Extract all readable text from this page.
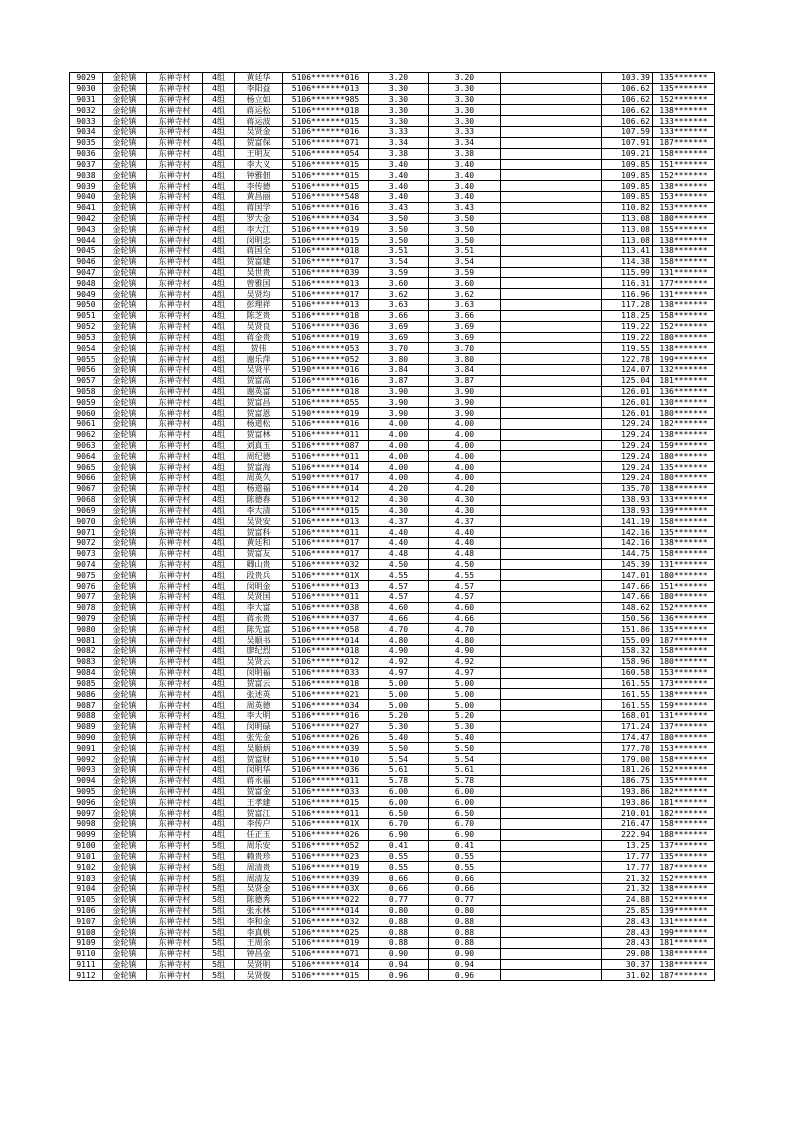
9029	金轮镇	东禅寺村	4组	黄廷华	5106*******016	3.20	3.20		103.39	135*******
9030	金轮镇	东禅寺村	4组	李阳益	5106*******013	3.30	3.30		106.62	135*******
9031	金轮镇	东禅寺村	4组	杨立如	5106*******985	3.30	3.30		106.62	152*******
9032	金轮镇	东禅寺村	4组	蒋运松	5106*******018	3.30	3.30		106.62	138*******
9033	金轮镇	东禅寺村	4组	蒋运波	5106*******015	3.30	3.30		106.62	133*******
9034	金轮镇	东禅寺村	4组	吴贤金	5106*******016	3.33	3.33		107.59	133*******
9035	金轮镇	东禅寺村	4组	贺富保	5106*******071	3.34	3.34		107.91	187*******
9036	金轮镇	东禅寺村	4组	王明友	5106*******054	3.38	3.38		109.21	158*******
9037	金轮镇	东禅寺村	4组	李大义	5106*******015	3.40	3.40		109.85	151*******
9038	金轮镇	东禅寺村	4组	钟雅佃	5106*******015	3.40	3.40		109.85	152*******
9039	金轮镇	东禅寺村	4组	李传德	5106*******015	3.40	3.40		109.85	138*******
9040	金轮镇	东禅寺村	4组	黄昌丽	5106*******548	3.40	3.40		109.85	153*******
9041	金轮镇	东禅寺村	4组	蒋国学	5106*******016	3.43	3.43		110.82	153*******
9042	金轮镇	东禅寺村	4组	罗大金	5106*******034	3.50	3.50		113.08	180*******
9043	金轮镇	东禅寺村	4组	李大江	5106*******019	3.50	3.50		113.08	155*******
9044	金轮镇	东禅寺村	4组	闵明忠	5106*******015	3.50	3.50		113.08	138*******
9045	金轮镇	东禅寺村	4组	蒋国全	5106*******018	3.51	3.51		113.41	138*******
9046	金轮镇	东禅寺村	4组	贺富建	5106*******017	3.54	3.54		114.38	158*******
9047	金轮镇	东禅寺村	4组	吴世贵	5106*******039	3.59	3.59		115.99	131*******
9048	金轮镇	东禅寺村	4组	曾雅国	5106*******013	3.60	3.60		116.31	177*******
9049	金轮镇	东禅寺村	4组	吴贤均	5106*******017	3.62	3.62		116.96	131*******
9050	金轮镇	东禅寺村	4组	彭理祥	5106*******013	3.63	3.63		117.28	138*******
9051	金轮镇	东禅寺村	4组	陈芝贵	5106*******018	3.66	3.66		118.25	158*******
9052	金轮镇	东禅寺村	4组	吴贤良	5106*******036	3.69	3.69		119.22	152*******
9053	金轮镇	东禅寺村	4组	蒋金贵	5106*******019	3.69	3.69		119.22	180*******
9054	金轮镇	东禅寺村	4组	贺伟	5106*******053	3.70	3.70		119.55	138*******
9055	金轮镇	东禅寺村	4组	谢乐萍	5106*******052	3.80	3.80		122.78	199*******
9056	金轮镇	东禅寺村	4组	吴贤平	5190*******016	3.84	3.84		124.07	132*******
9057	金轮镇	东禅寺村	4组	贺富高	5106*******016	3.87	3.87		125.04	181*******
9058	金轮镇	东禅寺村	4组	谢英富	5106*******018	3.90	3.90		126.01	136*******
9059	金轮镇	东禅寺村	4组	贺富昌	5106*******055	3.90	3.90		126.01	130*******
9060	金轮镇	东禅寺村	4组	贺富恩	5190*******019	3.90	3.90		126.01	180*******
9061	金轮镇	东禅寺村	4组	杨道松	5106*******016	4.00	4.00		129.24	182*******
9062	金轮镇	东禅寺村	4组	贺富林	5106*******011	4.00	4.00		129.24	138*******
9063	金轮镇	东禅寺村	4组	刘真玉	5106*******087	4.00	4.00		129.24	159*******
9064	金轮镇	东禅寺村	4组	周纪德	5106*******011	4.00	4.00		129.24	180*******
9065	金轮镇	东禅寺村	4组	贺富海	5106*******014	4.00	4.00		129.24	135*******
9066	金轮镇	东禅寺村	4组	周英久	5190*******017	4.00	4.00		129.24	180*******
9067	金轮镇	东禅寺村	4组	杨道福	5106*******014	4.20	4.20		135.70	138*******
9068	金轮镇	东禅寺村	4组	陈德春	5106*******012	4.30	4.30		138.93	133*******
9069	金轮镇	东禅寺村	4组	李大清	5106*******015	4.30	4.30		138.93	139*******
9070	金轮镇	东禅寺村	4组	吴贤安	5106*******013	4.37	4.37		141.19	158*******
9071	金轮镇	东禅寺村	4组	贺富科	5106*******011	4.40	4.40		142.16	135*******
9072	金轮镇	东禅寺村	4组	黄廷和	5106*******017	4.40	4.40		142.16	138*******
9073	金轮镇	东禅寺村	4组	贺富友	5106*******017	4.48	4.48		144.75	158*******
9074	金轮镇	东禅寺村	4组	卿山贵	5106*******032	4.50	4.50		145.39	131*******
9075	金轮镇	东禅寺村	4组	段贵兵	5106*******01X	4.55	4.55		147.01	180*******
9076	金轮镇	东禅寺村	4组	闵明金	5106*******013	4.57	4.57		147.66	151*******
9077	金轮镇	东禅寺村	4组	吴贤国	5106*******011	4.57	4.57		147.66	180*******
9078	金轮镇	东禅寺村	4组	李大富	5106*******038	4.60	4.60		148.62	152*******
9079	金轮镇	东禅寺村	4组	蒋永贵	5106*******037	4.66	4.66		150.56	136*******
9080	金轮镇	东禅寺村	4组	陈先富	5106*******058	4.70	4.70		151.86	135*******
9081	金轮镇	东禅寺村	4组	吴顺书	5106*******014	4.80	4.80		155.09	187*******
9082	金轮镇	东禅寺村	4组	廖纪烈	5106*******018	4.90	4.90		158.32	158*******
9083	金轮镇	东禅寺村	4组	吴贤云	5106*******012	4.92	4.92		158.96	180*******
9084	金轮镇	东禅寺村	4组	闵明福	5106*******033	4.97	4.97		160.58	153*******
9085	金轮镇	东禅寺村	4组	贺富云	5106*******018	5.00	5.00		161.55	173*******
9086	金轮镇	东禅寺村	4组	张述英	5106*******021	5.00	5.00		161.55	138*******
9087	金轮镇	东禅寺村	4组	周英德	5106*******034	5.00	5.00		161.55	159*******
9088	金轮镇	东禅寺村	4组	李大明	5106*******016	5.20	5.20		168.01	131*******
9089	金轮镇	东禅寺村	4组	闵明碌	5106*******027	5.30	5.30		171.24	137*******
9090	金轮镇	东禅寺村	4组	张先金	5106*******026	5.40	5.40		174.47	180*******
9091	金轮镇	东禅寺村	4组	吴顺炳	5106*******039	5.50	5.50		177.70	153*******
9092	金轮镇	东禅寺村	4组	贺富财	5106*******010	5.54	5.54		179.00	158*******
9093	金轮镇	东禅寺村	4组	闵明华	5106*******036	5.61	5.61		181.26	152*******
9094	金轮镇	东禅寺村	4组	蒋永福	5106*******011	5.78	5.78		186.75	135*******
9095	金轮镇	东禅寺村	4组	贺富金	5106*******033	6.00	6.00		193.86	182*******
9096	金轮镇	东禅寺村	4组	王孝建	5106*******015	6.00	6.00		193.86	181*******
9097	金轮镇	东禅寺村	4组	贺富江	5106*******011	6.50	6.50		210.01	182*******
9098	金轮镇	东禅寺村	4组	李传户	5106*******01X	6.70	6.70		216.47	158*******
9099	金轮镇	东禅寺村	4组	任正玉	5106*******026	6.90	6.90		222.94	188*******
9100	金轮镇	东禅寺村	5组	周乐安	5106*******052	0.41	0.41		13.25	137*******
9101	金轮镇	东禅寺村	5组	赖贵珍	5106*******023	0.55	0.55		17.77	135*******
9102	金轮镇	东禅寺村	5组	周清贵	5106*******019	0.55	0.55		17.77	187*******
9103	金轮镇	东禅寺村	5组	周清友	5106*******039	0.66	0.66		21.32	152*******
9104	金轮镇	东禅寺村	5组	吴贤金	5106*******03X	0.66	0.66		21.32	138*******
9105	金轮镇	东禅寺村	5组	陈德秀	5106*******022	0.77	0.77		24.88	152*******
9106	金轮镇	东禅寺村	5组	张永林	5106*******014	0.80	0.80		25.85	139*******
9107	金轮镇	东禅寺村	5组	李和金	5106*******032	0.88	0.88		28.43	131*******
9108	金轮镇	东禅寺村	5组	李真桃	5106*******025	0.88	0.88		28.43	199*******
9109	金轮镇	东禅寺村	5组	王周余	5106*******019	0.88	0.88		28.43	181*******
9110	金轮镇	东禅寺村	5组	钟昌金	5106*******071	0.90	0.90		29.08	138*******
9111	金轮镇	东禅寺村	5组	吴贤明	5106*******014	0.94	0.94		30.37	138*******
9112	金轮镇	东禅寺村	5组	吴贤俊	5106*******015	0.96	0.96		31.02	187*******
